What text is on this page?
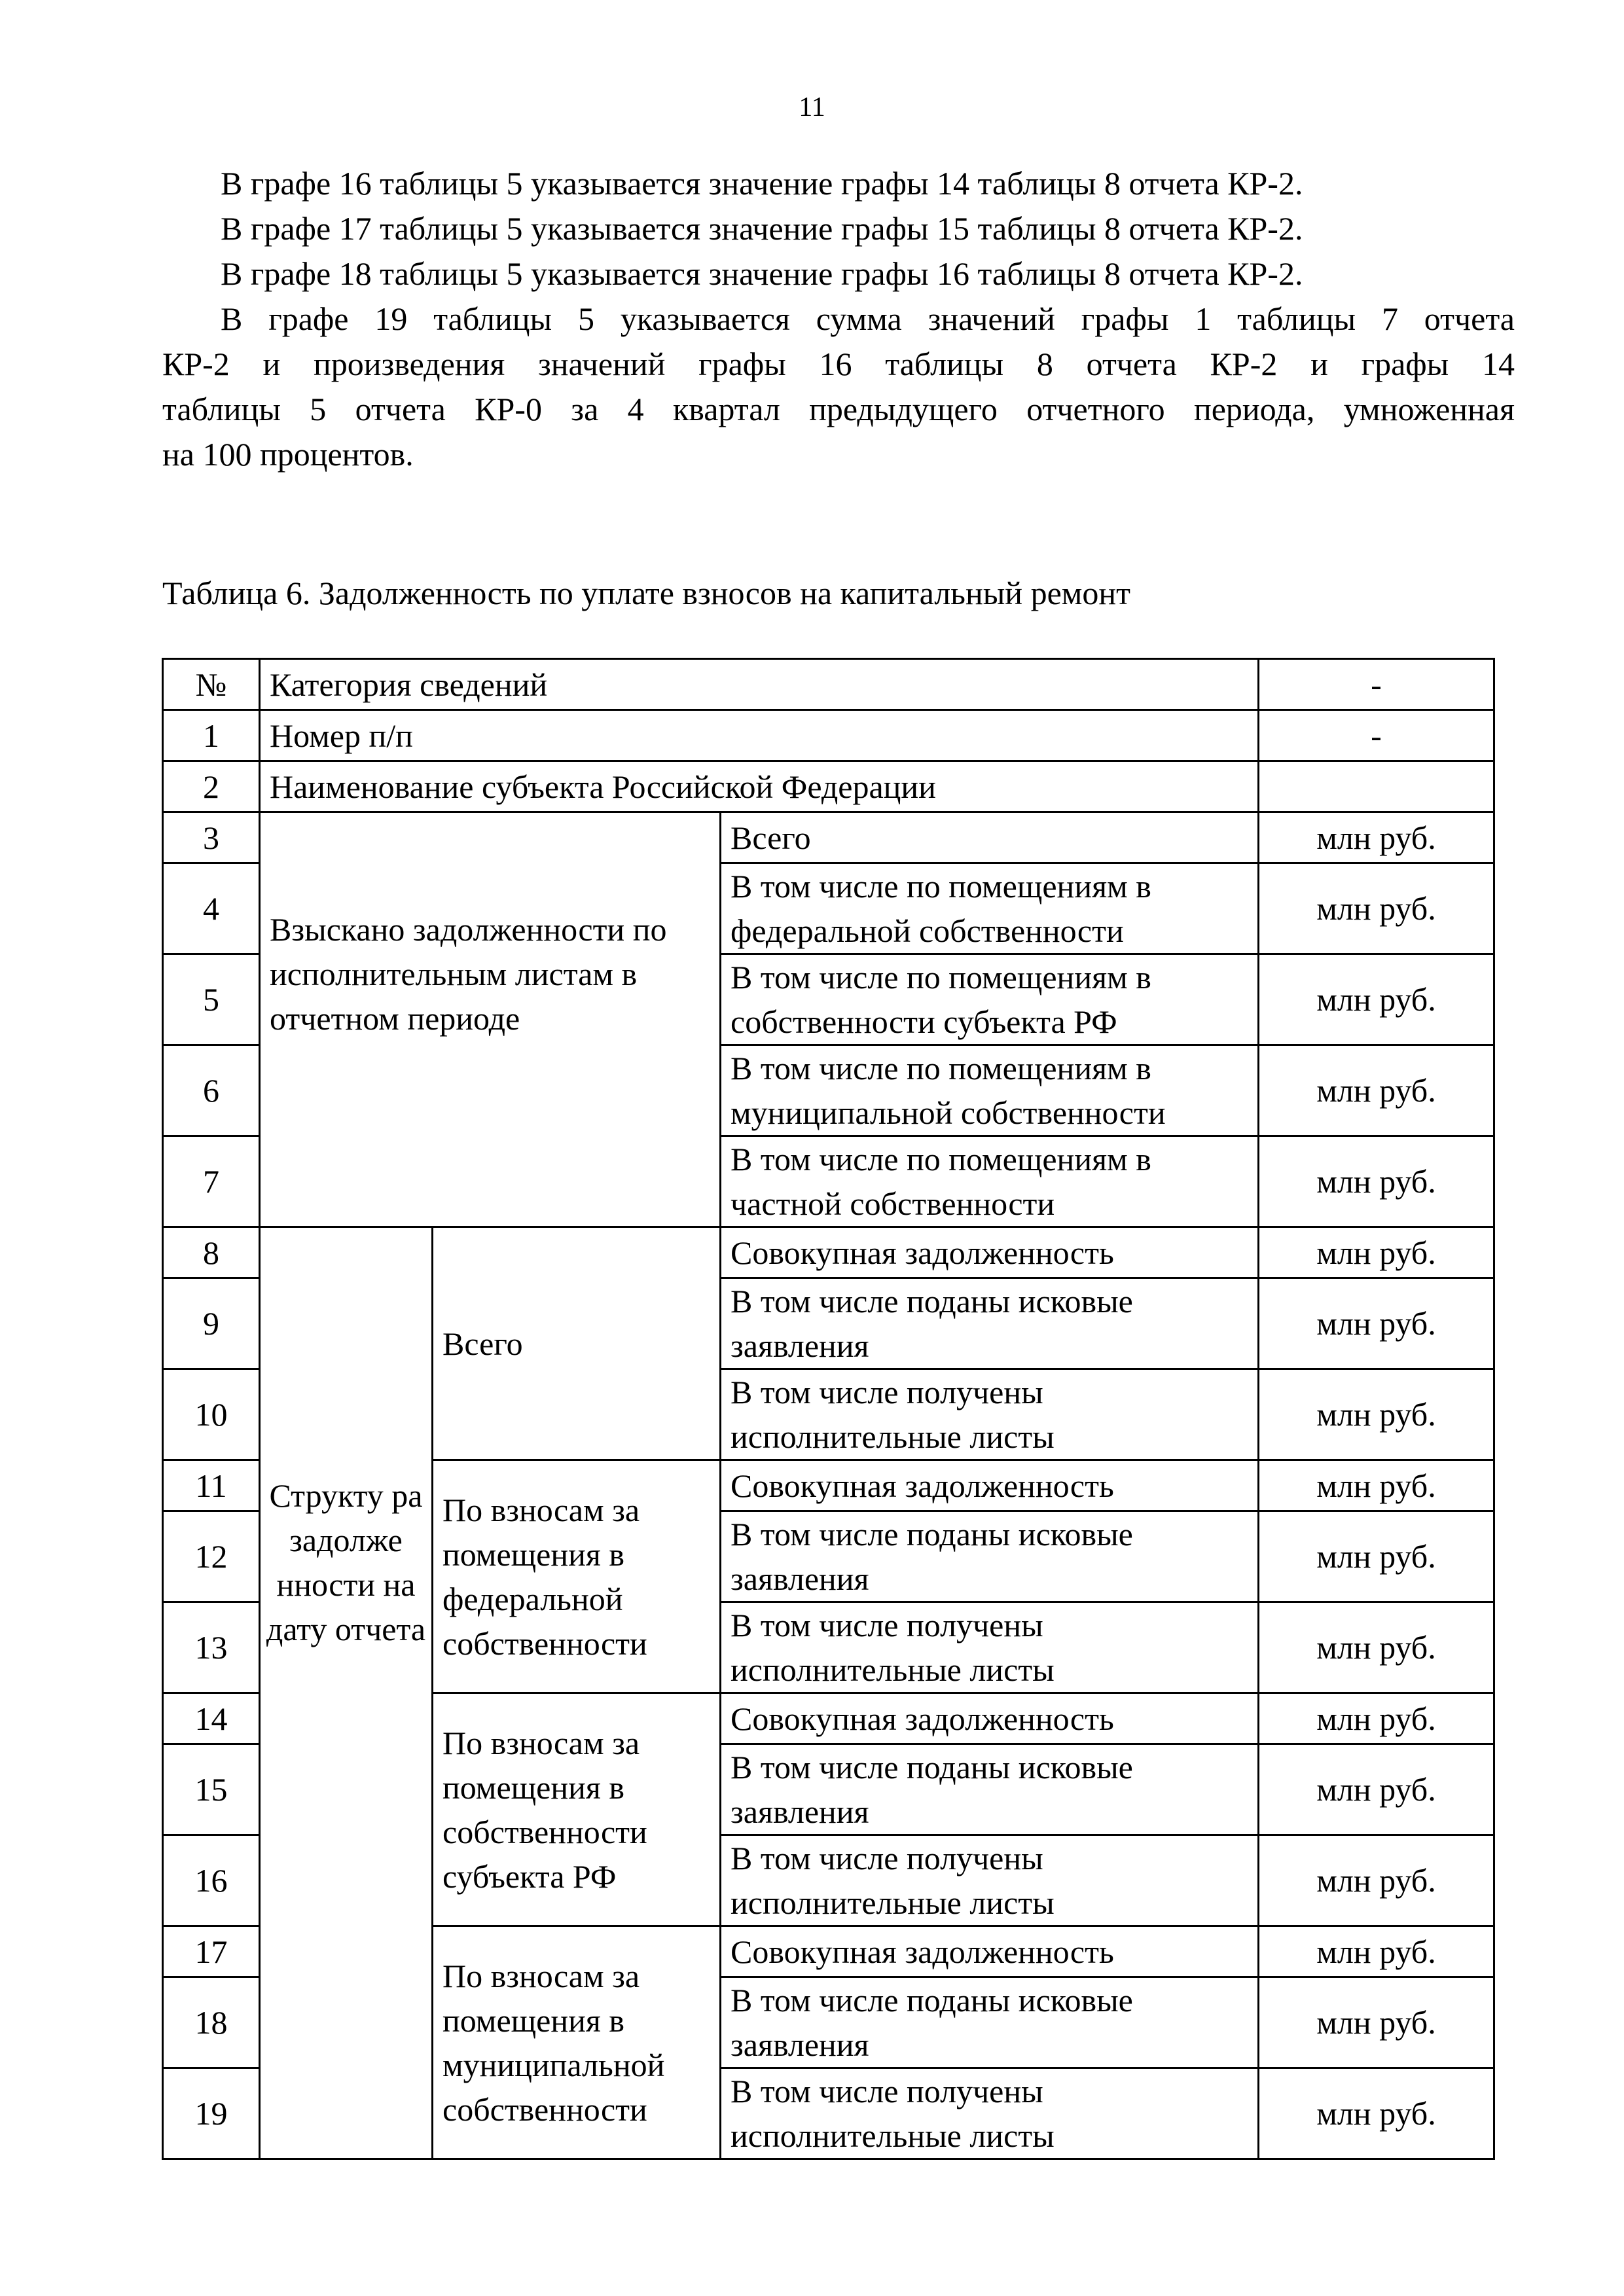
11

В графе 16 таблицы 5 указывается значение графы 14 таблицы 8 отчета КР-2.

В графе 17 таблицы 5 указывается значение графы 15 таблицы 8 отчета КР-2.

В графе 18 таблицы 5 указывается значение графы 16 таблицы 8 отчета КР-2.

В графе 19 таблицы 5 указывается сумма значений графы 1 таблицы 7 отчета
КР-2 и произведения значений графы 16 таблицы 8 отчета КР-2 и графы 14
таблицы 5 отчета КР-0 за 4 квартал предыдущего отчетного периода, умноженная
на 100 процентов.

Таблица 6. Задолженность по уплате взносов на капитальный ремонт
№	Категория сведений			-
1	Номер п/п			-
2	Наименование субъекта Российской Федерации			
3	Взыскано задолженности по исполнительным листам в отчетном периоде		Всего	млн руб.
4			В том числе по помещениям в федеральной собственности	млн руб.
5			В том числе по помещениям в собственности субъекта РФ	млн руб.
6			В том числе по помещениям в муниципальной собственности	млн руб.
7			В том числе по помещениям в частной собственности	млн руб.
8	Структу ра задолже нности на дату отчета	Всего	Совокупная задолженность	млн руб.
9			В том числе поданы исковые заявления	млн руб.
10			В том числе получены исполнительные листы	млн руб.
11		По взносам за помещения в федеральной собственности	Совокупная задолженность	млн руб.
12			В том числе поданы исковые заявления	млн руб.
13			В том числе получены исполнительные листы	млн руб.
14		По взносам за помещения в собственности субъекта РФ	Совокупная задолженность	млн руб.
15			В том числе поданы исковые заявления	млн руб.
16			В том числе получены исполнительные листы	млн руб.
17		По взносам за помещения в муниципальной собственности	Совокупная задолженность	млн руб.
18			В том числе поданы исковые заявления	млн руб.
19			В том числе получены исполнительные листы	млн руб.
